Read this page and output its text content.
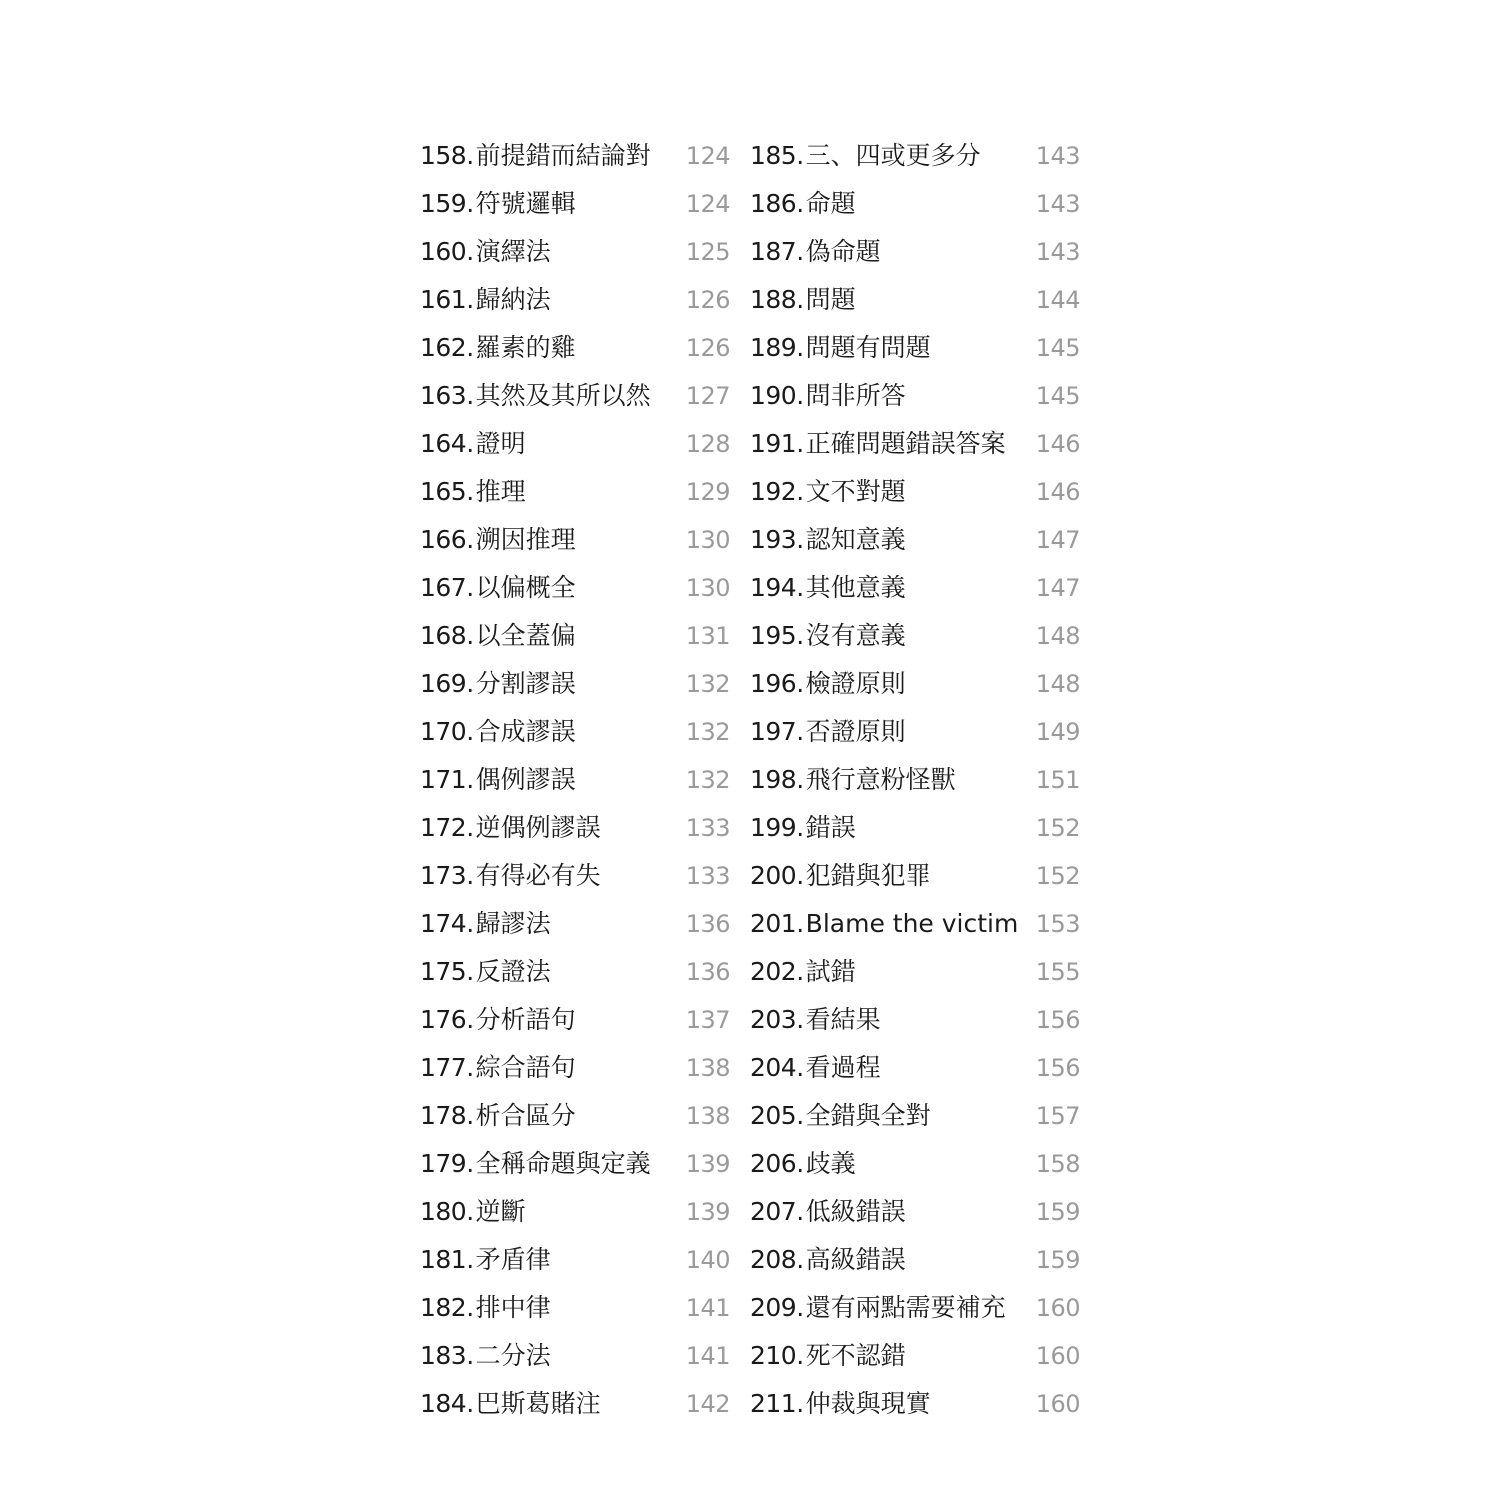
158.前提錯而結論對 124
159.符號邏輯	124
160.演繹法	125
161.歸納法	126
162.羅素的雞	126
163.其然及其所以然 127
164.證明	128
165.推理	129
166.溯因推理	130
167.以偏概全	130
168.以全蓋偏	131
169.分割謬誤	132
170.合成謬誤	132
171.偶例謬誤	132
172.逆偶例謬誤	133
173.有得必有失	133
174.歸謬法	136
175.反證法	136
176.分析語句	137
177.綜合語句	138
178.析合區分	138
179.全稱命題與定義 139
180.逆斷	139
181.矛盾律	140
182.排中律	141
183.二分法	141
184.巴斯葛賭注	142
185.三、四或更多分 143
186.命題	143
187.偽命題	143
188.問題	144
189.問題有問題	145
190.問非所答	145
191.正確問題錯誤答案 146
192.文不對題	146
193.認知意義	147
194.其他意義	147
195.沒有意義	148
196.檢證原則	148
197.否證原則	149
198.飛行意粉怪獸	151
199.錯誤	152
200.犯錯與犯罪	152
201.Blame the victim 153
202.試錯	155
203.看結果	156
204.看過程	156
205.全錯與全對	157
206.歧義	158
207.低級錯誤	159
208.高級錯誤	159
209.還有兩點需要補充 160
210.死不認錯	160
211.仲裁與現實	160
